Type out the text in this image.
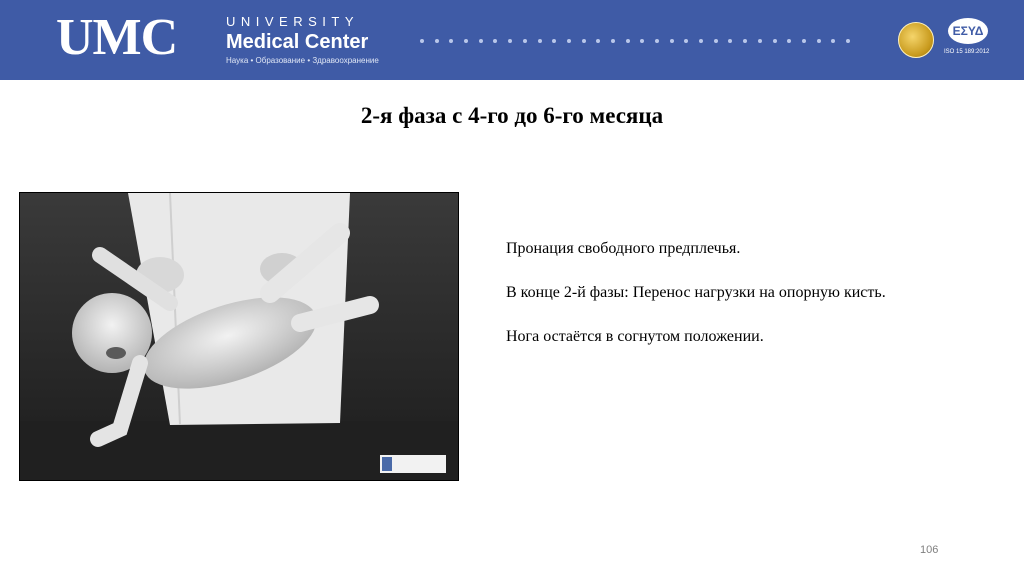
UMC	UNIVERSITY
Medical Center
Наука • Образование • Здравоохранение
ΕΣΥΔ
ISO 15 189:2012
2-я фаза с 4-го до 6-го месяца

Пронация свободного предплечья.

В конце 2-й фазы: Перенос нагрузки на опорную кисть.

Нога остаётся в согнутом положении.

106
